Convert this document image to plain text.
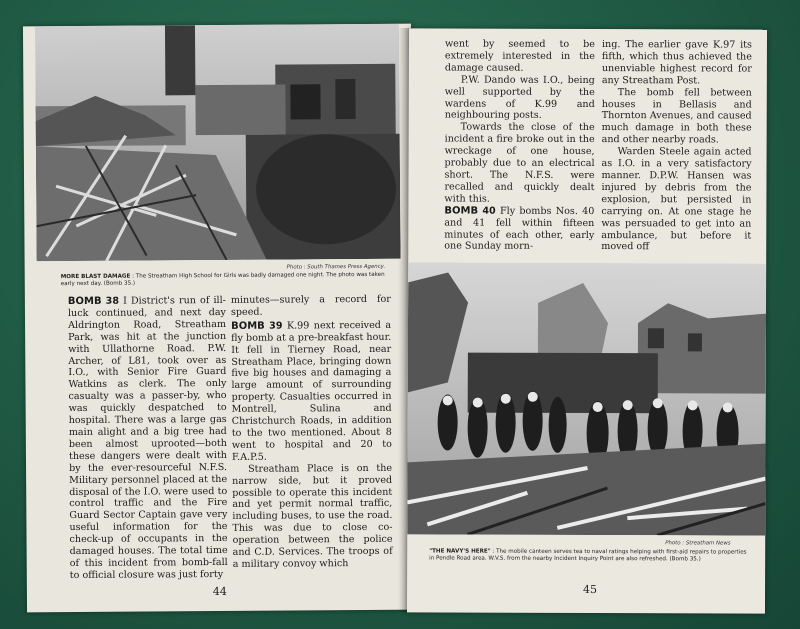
Photo : South Thames Press Agency.
MORE BLAST DAMAGE : The Streatham High School for Girls was badly damaged one night. The photo was taken early next day. (Bomb 35.)

BOMB 38 I District's run of ill-luck continued, and next day Aldrington Road, Streatham Park, was hit at the junction with Ullathorne Road. P.W. Archer, of L81, took over as I.O., with Senior Fire Guard Watkins as clerk. The only casualty was a passer-by, who was quickly despatched to hospital. There was a large gas main alight and a big tree had been almost uprooted—both these dangers were dealt with by the ever-resourceful N.F.S. Military personnel placed at the disposal of the I.O. were used to control traffic and the Fire Guard Sector Captain gave very useful information for the check-up of occupants in the damaged houses. The total time of this incident from bomb-fall to official closure was just forty

minutes—surely a record for speed.

BOMB 39 K.99 next received a fly bomb at a pre-breakfast hour. It fell in Tierney Road, near Streatham Place, bringing down five big houses and damaging a large amount of surrounding property. Casualties occurred in Montrell, Sulina and Christchurch Roads, in addition to the two mentioned. About 8 went to hospital and 20 to F.A.P.5.

Streatham Place is on the narrow side, but it proved possible to operate this incident and yet permit normal traffic, including buses, to use the road. This was due to close co-operation between the police and C.D. Services. The troops of a military convoy which

44

went by seemed to be extremely interested in the damage caused.

P.W. Dando was I.O., being well supported by the wardens of K.99 and neighbouring posts.

Towards the close of the incident a fire broke out in the wreckage of one house, probably due to an electrical short. The N.F.S. were recalled and quickly dealt with this.

BOMB 40 Fly bombs Nos. 40 and 41 fell within fifteen minutes of each other, early one Sunday morn-

ing. The earlier gave K.97 its fifth, which thus achieved the unenviable highest record for any Streatham Post.

The bomb fell between houses in Bellasis and Thornton Avenues, and caused much damage in both these and other nearby roads.

Warden Steele again acted as I.O. in a very satisfactory manner. D.P.W. Hansen was injured by debris from the explosion, but persisted in carrying on. At one stage he was persuaded to get into an ambulance, but before it moved off

Photo : Streatham News
"THE NAVY'S HERE" : The mobile canteen serves tea to naval ratings helping with first-aid repairs to properties in Pendle Road area. W.V.S. from the nearby Incident Inquiry Point are also refreshed. (Bomb 35.)
45
